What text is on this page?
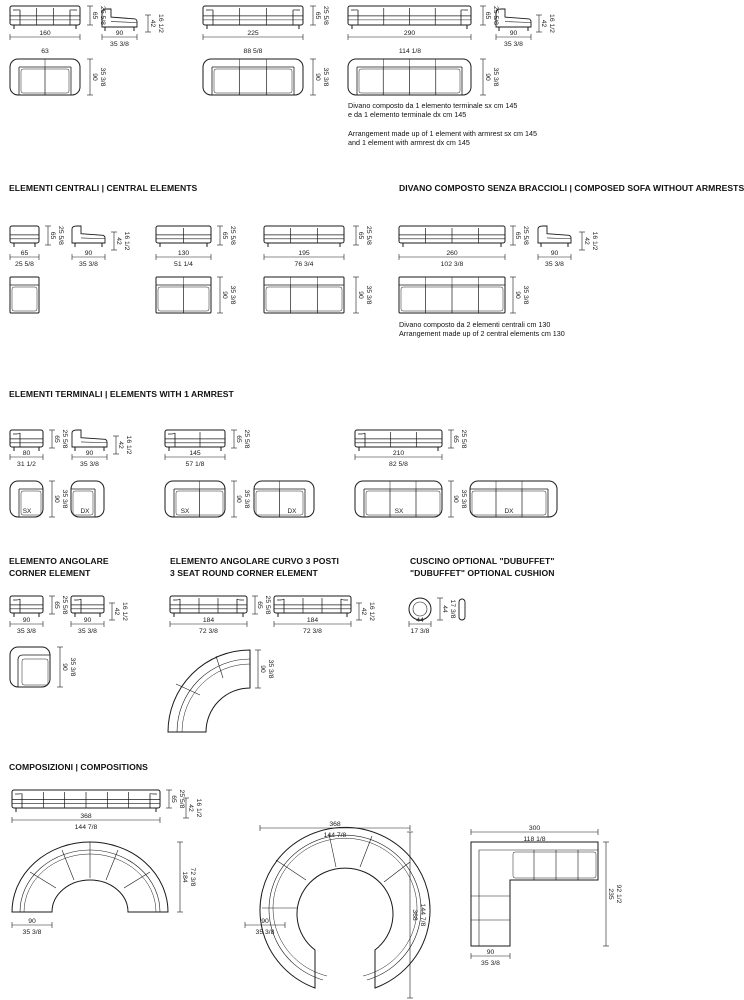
160
63
65 25 5/8
90
35 3/8
42 16 1/2
90 35 3/8
225
88 5/8
65 25 5/8
90 35 3/8
290
114 1/8
65 25 5/8
90
35 3/8
42 16 1/2
90 35 3/8
65
25 5/8
65 25 5/8
90
35 3/8
42 16 1/2
130
51 1/4
65 25 5/8
90 35 3/8
195
76 3/4
65 25 5/8
90 35 3/8
260
102 3/8
65 25 5/8
90
35 3/8
42 16 1/2
90 35 3/8
80
31 1/2
65 25 5/8
90
35 3/8
42 16 1/2
SX
90 35 3/8
DX
145
57 1/8
65 25 5/8
SX
90 35 3/8
DX
210
82 5/8
65 25 5/8
SX
90 35 3/8
DX
90
35 3/8
65 25 5/8
90
35 3/8
42 16 1/2
90 35 3/8
184
72 3/8
65 25 5/8
184
72 3/8
42 16 1/2
90 35 3/8
44
17 3/8
44 17 3/8
368
144 7/8
65 25 5/8 42 16 1/2
90
35 3/8
184 72 3/8
90
35 3/8
368
144 7/8
368 144 7/8
300
118 1/8
235 92 1/2
90
35 3/8
ELEMENTI CENTRALI | CENTRAL ELEMENTS	DIVANO COMPOSTO SENZA BRACCIOLI | COMPOSED SOFA WITHOUT ARMRESTS
ELEMENTI TERMINALI | ELEMENTS WITH 1 ARMREST
ELEMENTO ANGOLARE
CORNER ELEMENT
ELEMENTO ANGOLARE CURVO 3 POSTI
3 SEAT ROUND CORNER ELEMENT
CUSCINO OPTIONAL "DUBUFFET"
"DUBUFFET" OPTIONAL CUSHION
COMPOSIZIONI | COMPOSITIONS
Divano composto da 1 elemento terminale sx cm 145
e da 1 elemento terminale dx cm 145
Arrangement made up of 1 element with armrest sx cm 145
and 1 element with armrest dx cm 145
Divano composto da 2 elementi centrali cm 130
Arrangement made up of 2 central elements cm 130
